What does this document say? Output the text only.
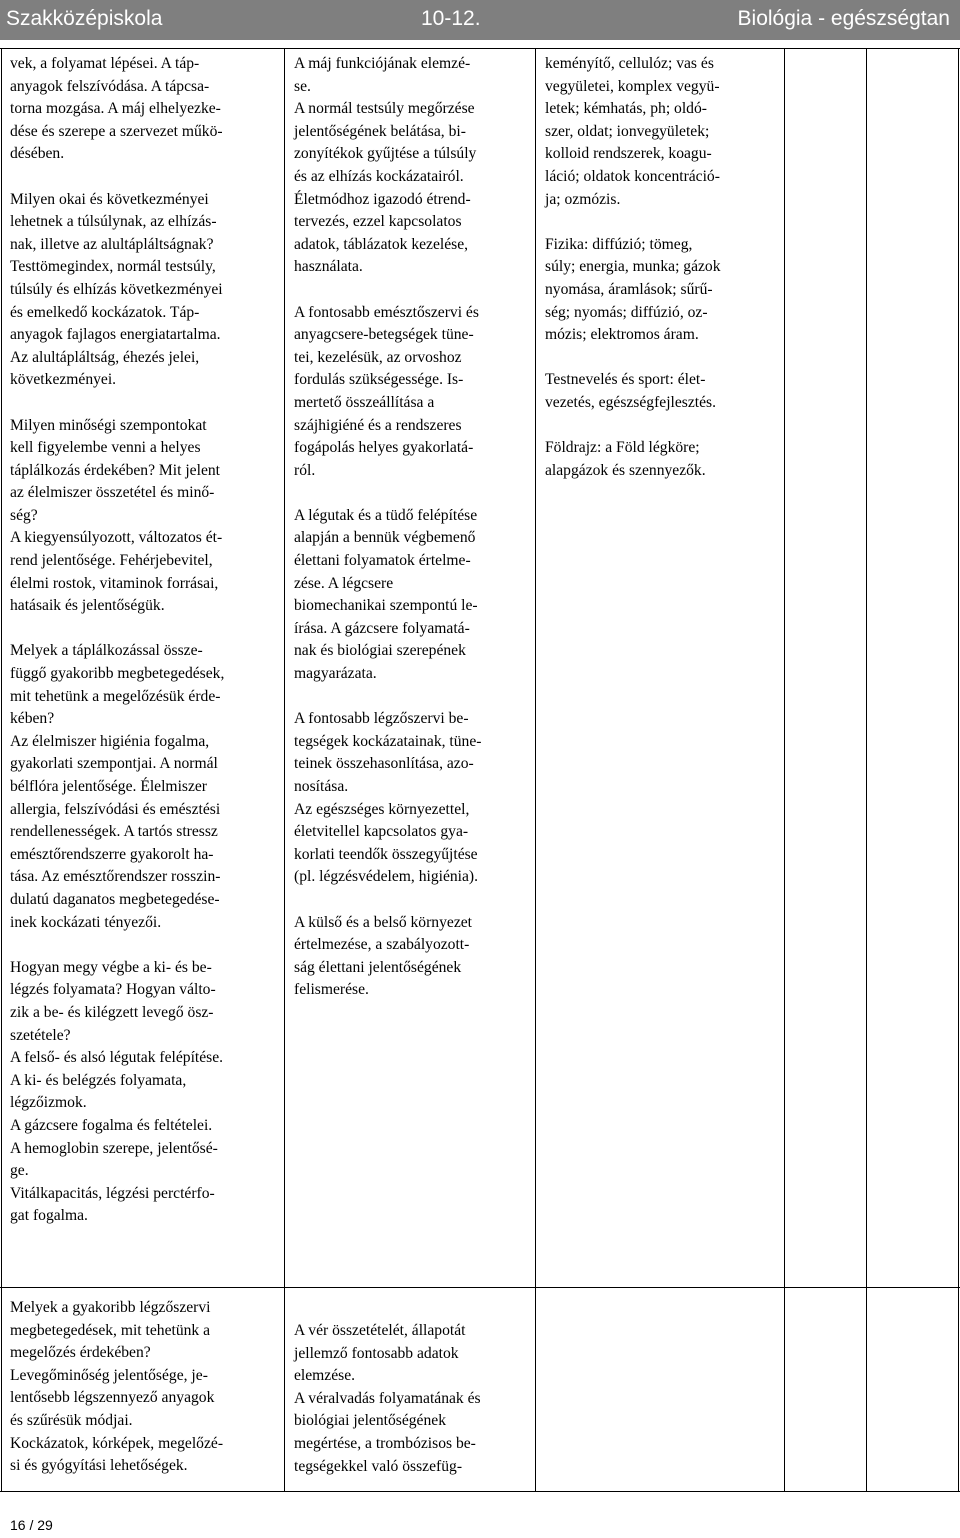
Szakközépiskola	10-12.	Biológia - egészségtan

vek, a folyamat lépései. A táp-

anyagok felszívódása. A tápcsa-

torna mozgása. A máj elhelyezke-

dése és szerepe a szervezet műkö-

désében.

Milyen okai és következményei

lehetnek a túlsúlynak, az elhízás-

nak, illetve az alultápláltságnak?

Testtömegindex, normál testsúly,

túlsúly és elhízás következményei

és emelkedő kockázatok. Táp-

anyagok fajlagos energiatartalma.

Az alultápláltság, éhezés jelei,

következményei.

Milyen minőségi szempontokat

kell figyelembe venni a helyes

táplálkozás érdekében? Mit jelent

az élelmiszer összetétel és minő-

ség?

A kiegyensúlyozott, változatos ét-

rend jelentősége. Fehérjebevitel,

élelmi rostok, vitaminok forrásai,

hatásaik és jelentőségük.

Melyek a táplálkozással össze-

függő gyakoribb megbetegedések,

mit tehetünk a megelőzésük érde-

kében?

Az élelmiszer higiénia fogalma,

gyakorlati szempontjai. A normál

bélflóra jelentősége. Élelmiszer

allergia, felszívódási és emésztési

rendellenességek. A tartós stressz

emésztőrendszerre gyakorolt ha-

tása. Az emésztőrendszer rosszin-

dulatú daganatos megbetegedése-

inek kockázati tényezői.

Hogyan megy végbe a ki- és be-

légzés folyamata? Hogyan válto-

zik a be- és kilégzett levegő ösz-

szetétele?

A felső- és alsó légutak felépítése.

A ki- és belégzés folyamata,

légzőizmok.

A gázcsere fogalma és feltételei.

A hemoglobin szerepe, jelentősé-

ge.

Vitálkapacitás, légzési perctérfo-

gat fogalma.

A máj funkciójának elemzé-

se.

A normál testsúly megőrzése

jelentőségének belátása, bi-

zonyítékok gyűjtése a túlsúly

és az elhízás kockázatairól.

Életmódhoz igazodó étrend-

tervezés, ezzel kapcsolatos

adatok, táblázatok kezelése,

használata.

A fontosabb emésztőszervi és

anyagcsere-betegségek tüne-

tei, kezelésük, az orvoshoz

fordulás szükségessége. Is-

mertető összeállítása a

szájhigiéné és a rendszeres

fogápolás helyes gyakorlatá-

ról.

A légutak és a tüdő felépítése

alapján a bennük végbemenő

élettani folyamatok értelme-

zése. A légcsere

biomechanikai szempontú le-

írása. A gázcsere folyamatá-

nak és biológiai szerepének

magyarázata.

A fontosabb légzőszervi be-

tegségek kockázatainak, tüne-

teinek összehasonlítása, azo-

nosítása.

Az egészséges környezettel,

életvitellel kapcsolatos gya-

korlati teendők összegyűjtése

(pl. légzésvédelem, higiénia).

A külső és a belső környezet

értelmezése, a szabályozott-

ság élettani jelentőségének

felismerése.

keményítő, cellulóz; vas és

vegyületei, komplex vegyü-

letek; kémhatás, ph; oldó-

szer, oldat; ionvegyületek;

kolloid rendszerek, koagu-

láció; oldatok koncentráció-

ja; ozmózis.

Fizika: diffúzió; tömeg,

súly; energia, munka; gázok

nyomása, áramlások; sűrű-

ség; nyomás; diffúzió, oz-

mózis; elektromos áram.

Testnevelés és sport: élet-

vezetés, egészségfejlesztés.

Földrajz: a Föld légköre;

alapgázok és szennyezők.

Melyek a gyakoribb légzőszervi

megbetegedések, mit tehetünk a

megelőzés érdekében?

Levegőminőség jelentősége, je-

lentősebb légszennyező anyagok

és szűrésük módjai.

Kockázatok, kórképek, megelőzé-

si és gyógyítási lehetőségek.

A vér összetételét, állapotát

jellemző fontosabb adatok

elemzése.

A véralvadás folyamatának és

biológiai jelentőségének

megértése, a trombózisos be-

tegségekkel való összefüg-

16 / 29
